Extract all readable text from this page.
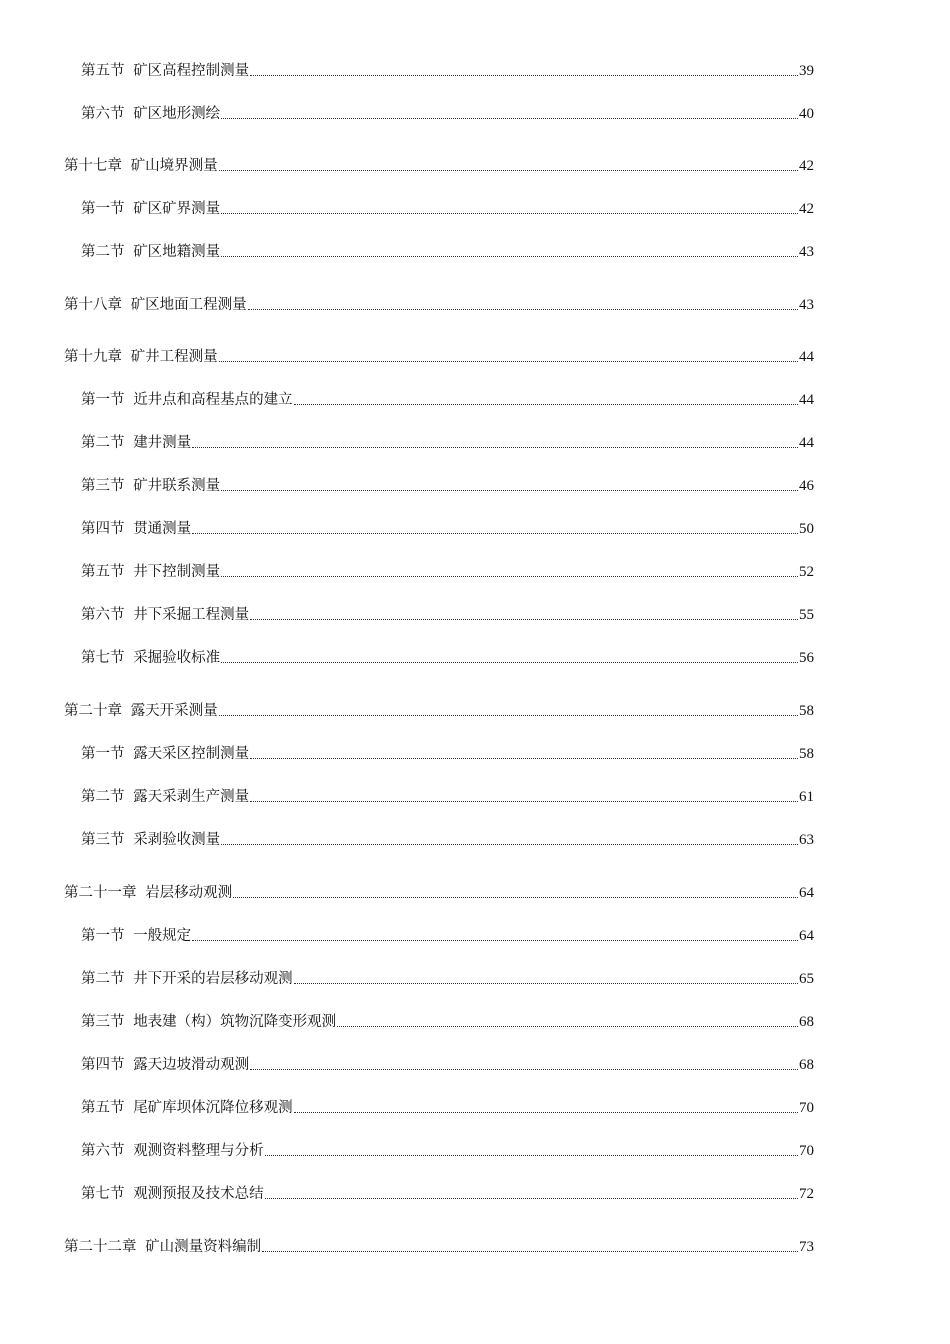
第五节 矿区高程控制测量	39
第六节 矿区地形测绘	40
第十七章 矿山境界测量	42
第一节 矿区矿界测量	42
第二节 矿区地籍测量	43
第十八章 矿区地面工程测量	43
第十九章 矿井工程测量	44
第一节 近井点和高程基点的建立	44
第二节 建井测量	44
第三节 矿井联系测量	46
第四节 贯通测量	50
第五节 井下控制测量	52
第六节 井下采掘工程测量	55
第七节 采掘验收标准	56
第二十章 露天开采测量	58
第一节 露天采区控制测量	58
第二节 露天采剥生产测量	61
第三节 采剥验收测量	63
第二十一章 岩层移动观测	64
第一节 一般规定	64
第二节 井下开采的岩层移动观测	65
第三节 地表建（构）筑物沉降变形观测	68
第四节 露天边坡滑动观测	68
第五节 尾矿库坝体沉降位移观测	70
第六节 观测资料整理与分析	70
第七节 观测预报及技术总结	72
第二十二章 矿山测量资料编制	73
